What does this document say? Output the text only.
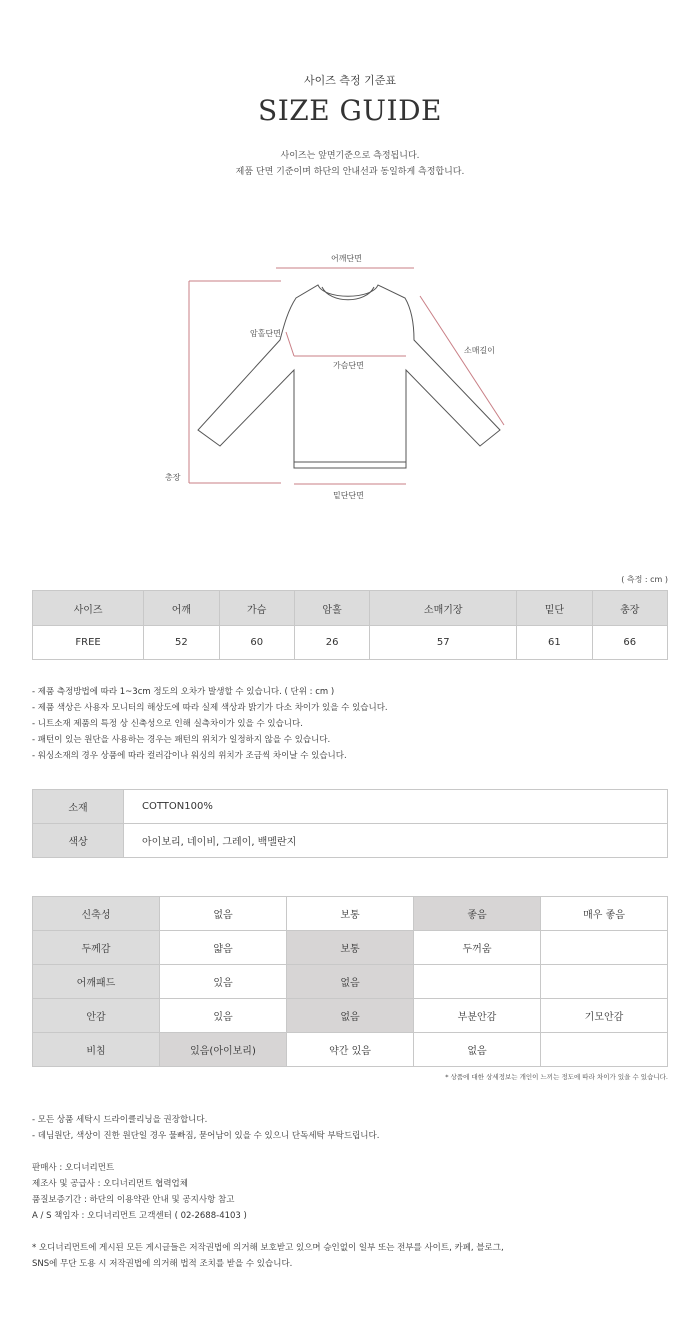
사이즈 측정 기준표
SIZE GUIDE
사이즈는 앞면기준으로 측정됩니다.
제품 단면 기준이며 하단의 안내선과 동일하게 측정합니다.
어깨단면
암홀단면
소매길이
가슴단면
총장
밑단단면
( 측정 : cm )
사이즈	어깨	가슴	암홀	소매기장	밑단	총장
FREE	52	60	26	57	61	66
- 제품 측정방법에 따라 1~3cm 정도의 오차가 발생할 수 있습니다. ( 단위 : cm )
- 제품 색상은 사용자 모니터의 해상도에 따라 실제 색상과 밝기가 다소 차이가 있을 수 있습니다.
- 니트소재 제품의 특정 상 신축성으로 인해 실측차이가 있을 수 있습니다.
- 패턴이 있는 원단을 사용하는 경우는 패턴의 위치가 일정하지 않을 수 있습니다.
- 워싱소재의 경우 상품에 따라 컬러감이나 워싱의 위치가 조금씩 차이날 수 있습니다.
소재	COTTON100%
색상	아이보리, 네이비, 그레이, 백멜란지
신축성	없음	보통	좋음	매우 좋음
두께감	얇음	보통	두꺼움	
어깨패드	있음	없음		
안감	있음	없음	부분안감	기모안감
비침	있음(아이보리)	약간 있음	없음	
* 상품에 대한 상세정보는 개인이 느끼는 정도에 따라 차이가 있을 수 있습니다.
- 모든 상품 세탁시 드라이클리닝을 권장합니다.
- 데님원단, 색상이 진한 원단일 경우 물빠짐, 묻어남이 있을 수 있으니 단독세탁 부탁드립니다.
판매사 : 오디너리먼트
제조사 및 공급사 : 오디너리먼트 협력업체
품질보증기간 : 하단의 이용약관 안내 및 공지사항 참고
A / S 책임자 : 오디너리먼트 고객센터 ( 02-2688-4103 )
* 오디너리먼트에 게시된 모든 게시글들은 저작권법에 의거해 보호받고 있으며 승인없이 일부 또는 전부를 사이트, 카페, 블로그,
SNS에 무단 도용 시 저작권법에 의거해 법적 조치를 받을 수 있습니다.
